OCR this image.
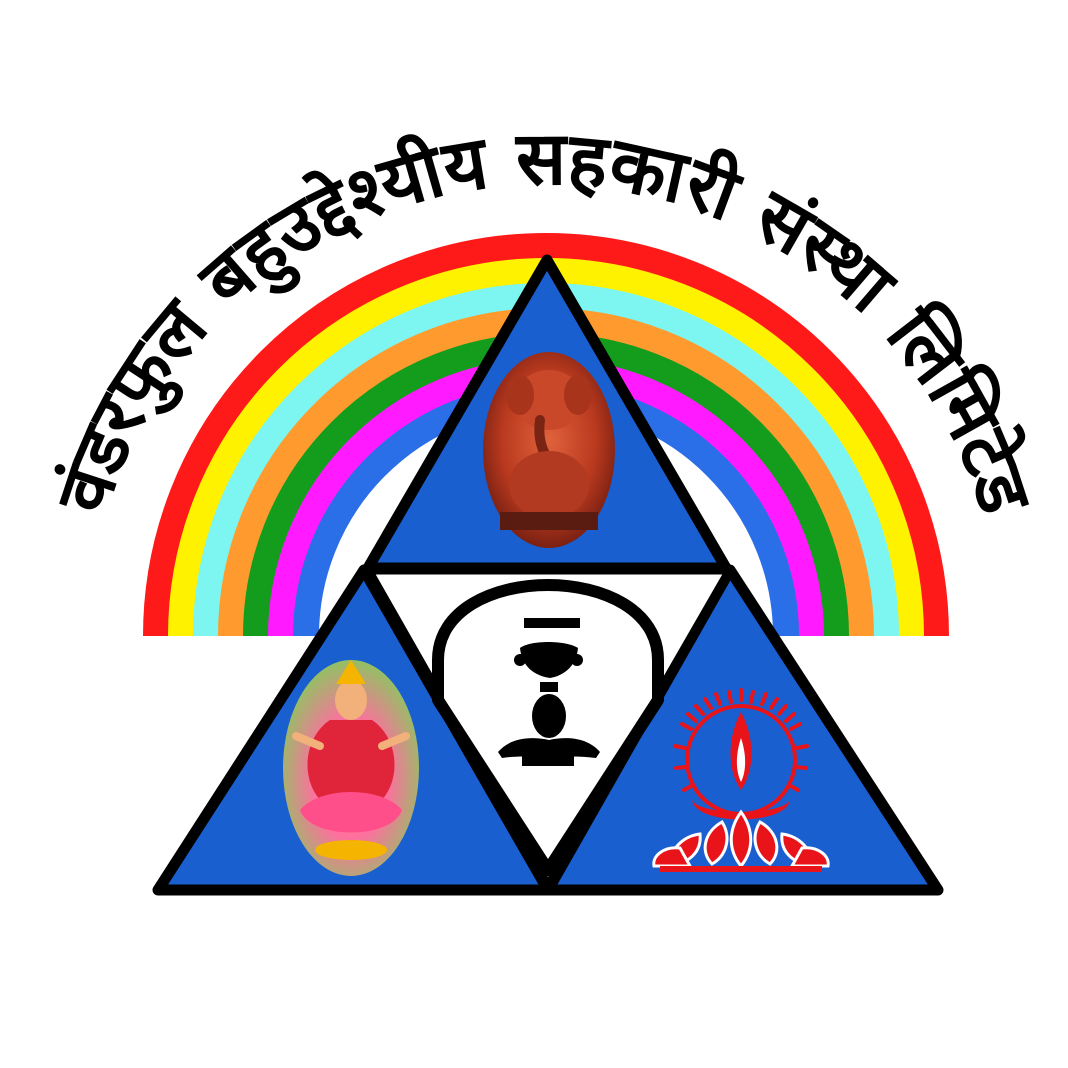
वंडरफुल बहुउद्देश्यीय सहकारी संस्था लिमिटेड
